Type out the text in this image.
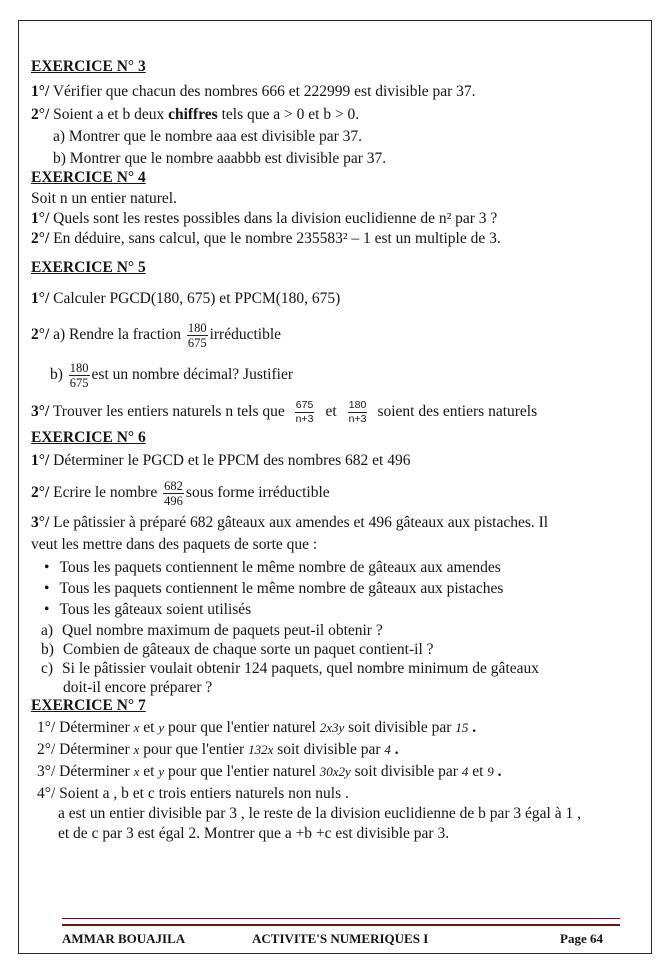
EXERCICE N° 3
1°/ Vérifier que chacun des nombres 666 et 222999 est divisible par 37.
2°/ Soient a et b deux chiffres tels que a > 0 et b > 0.
a) Montrer que le nombre aaa est divisible par 37.
b) Montrer que le nombre aaabbb est divisible par 37.
EXERCICE N° 4
Soit n un entier naturel.
1°/ Quels sont les restes possibles dans la division euclidienne de n² par 3 ?
2°/ En déduire, sans calcul, que le nombre 235583² – 1 est un multiple de 3.
EXERCICE N° 5
1°/ Calculer PGCD(180, 675) et PPCM(180, 675)
2°/ a) Rendre la fraction $\frac{180}{675}$ irréductible
$b) \frac{180}{675}$ est un nombre décimal? Justifier
3°/ Trouver les entiers naturels n tels que $\frac{675}{n+3}$ et $\frac{180}{n+3}$ soient des entiers naturels
EXERCICE N° 6
1°/ Déterminer le PGCD et le PPCM des nombres 682 et 496
2°/ Ecrire le nombre $\frac{682}{496}$ sous forme irréductible
3°/ Le pâtissier à préparé 682 gâteaux aux amendes et 496 gâteaux aux pistaches. Il
veut les mettre dans des paquets de sorte que :
• Tous les paquets contiennent le même nombre de gâteaux aux amendes
• Tous les paquets contiennent le même nombre de gâteaux aux pistaches
• Tous les gâteaux soient utilisés
a) Quel nombre maximum de paquets peut-il obtenir ?
b) Combien de gâteaux de chaque sorte un paquet contient-il ?
c) Si le pâtissier voulait obtenir 124 paquets, quel nombre minimum de gâteaux
doit-il encore préparer ?
EXERCICE N° 7
1°/ Déterminer x et y pour que l'entier naturel 2x3y soit divisible par 15 .
2°/ Déterminer x pour que l'entier 132x soit divisible par 4 .
3°/ Déterminer x et y pour que l'entier naturel 30x2y soit divisible par 4 et 9 .
4°/ Soient a , b et c trois entiers naturels non nuls .
a est un entier divisible par 3 , le reste de la division euclidienne de b par 3 égal à 1 ,
et de c par 3 est égal 2. Montrer que a +b +c est divisible par 3.
AMMAR BOUAJILA	ACTIVITE'S NUMERIQUES I	Page 64
